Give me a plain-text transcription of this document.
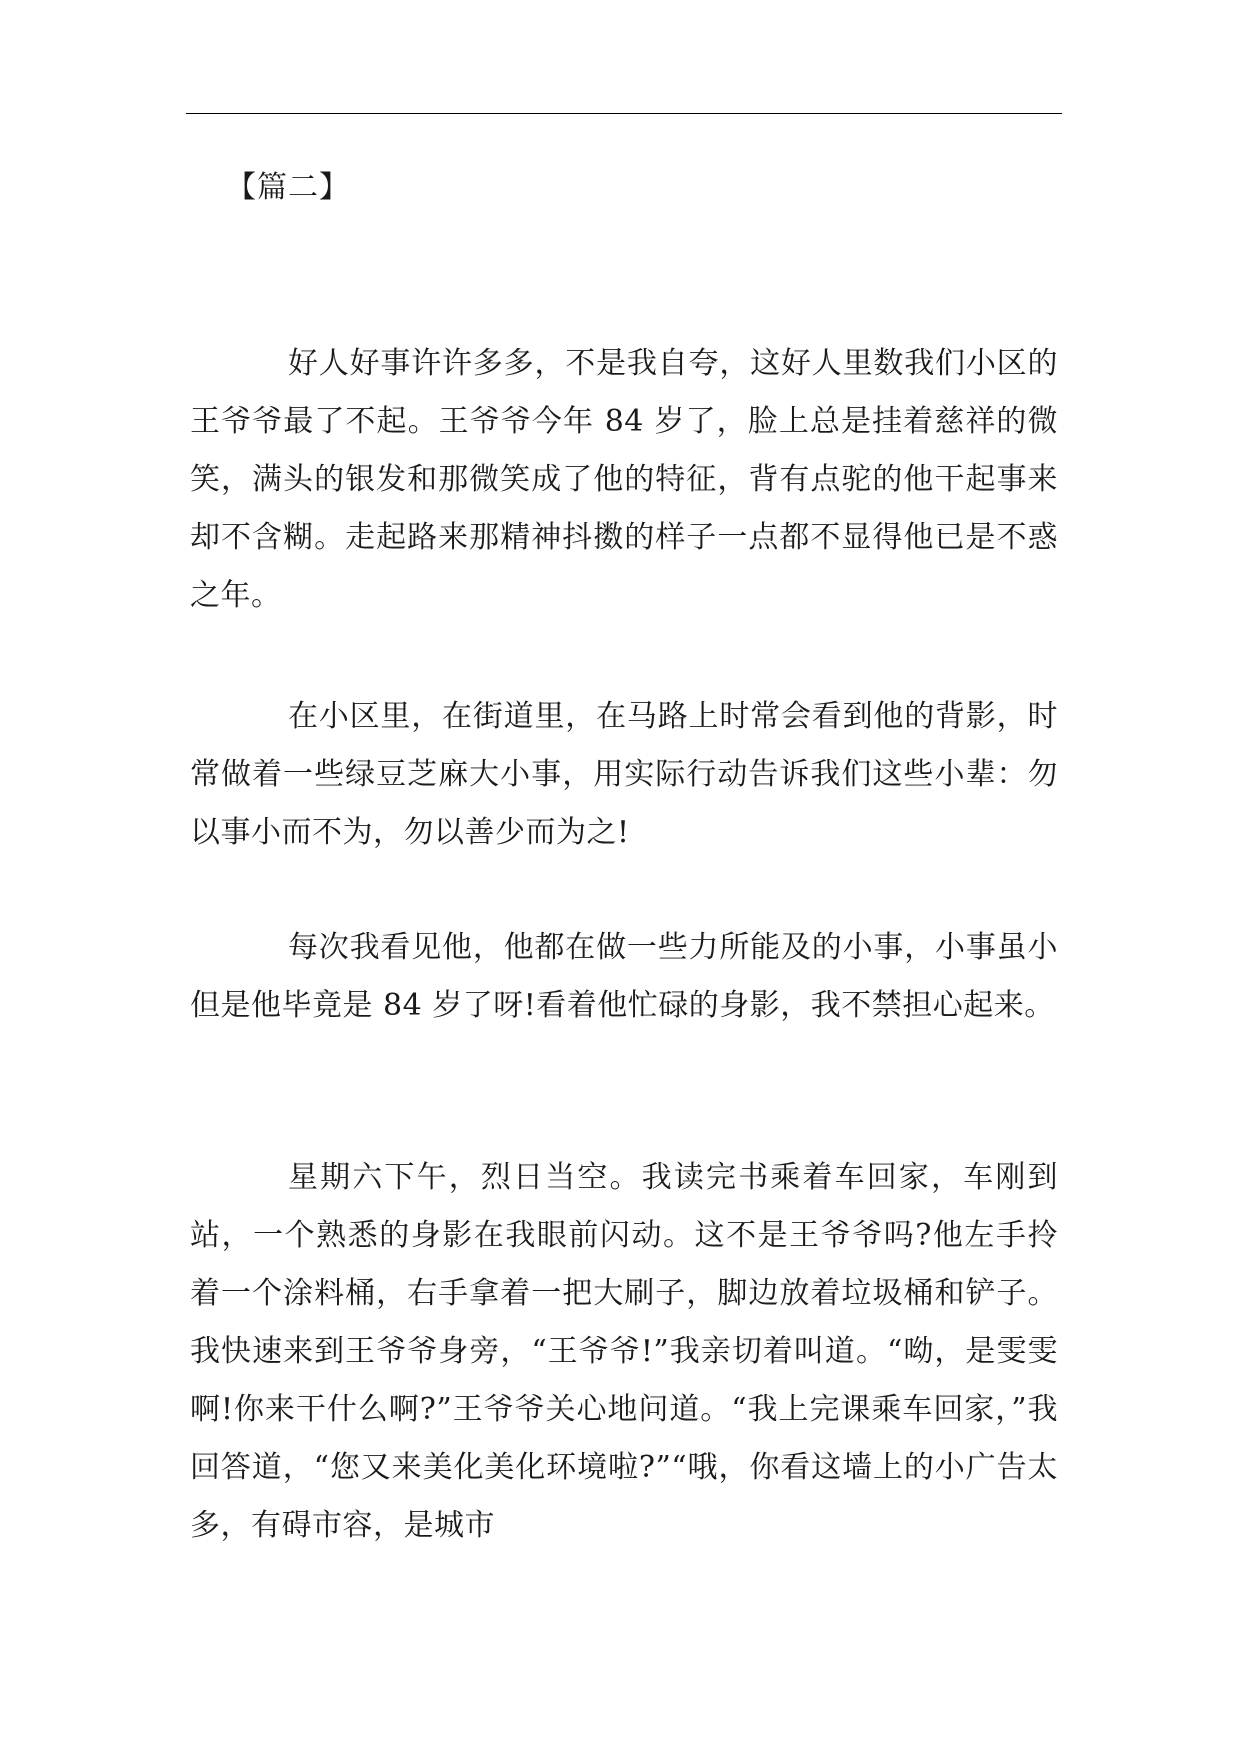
【篇二】

好人好事许许多多，不是我自夸，这好人里数我们小区的王爷爷最了不起。王爷爷今年 84 岁了，脸上总是挂着慈祥的微笑，满头的银发和那微笑成了他的特征，背有点驼的他干起事来却不含糊。走起路来那精神抖擞的样子一点都不显得他已是不惑之年。

在小区里，在街道里，在马路上时常会看到他的背影，时常做着一些绿豆芝麻大小事，用实际行动告诉我们这些小辈：勿以事小而不为，勿以善少而为之!

每次我看见他，他都在做一些力所能及的小事，小事虽小但是他毕竟是 84 岁了呀!看着他忙碌的身影，我不禁担心起来。

星期六下午，烈日当空。我读完书乘着车回家，车刚到站，一个熟悉的身影在我眼前闪动。这不是王爷爷吗?他左手拎着一个涂料桶，右手拿着一把大刷子，脚边放着垃圾桶和铲子。我快速来到王爷爷身旁，“王爷爷!”我亲切着叫道。“呦，是雯雯啊!你来干什么啊?”王爷爷关心地问道。“我上完课乘车回家，”我回答道，“您又来美化美化环境啦?”“哦，你看这墙上的小广告太多，有碍市容，是城市
